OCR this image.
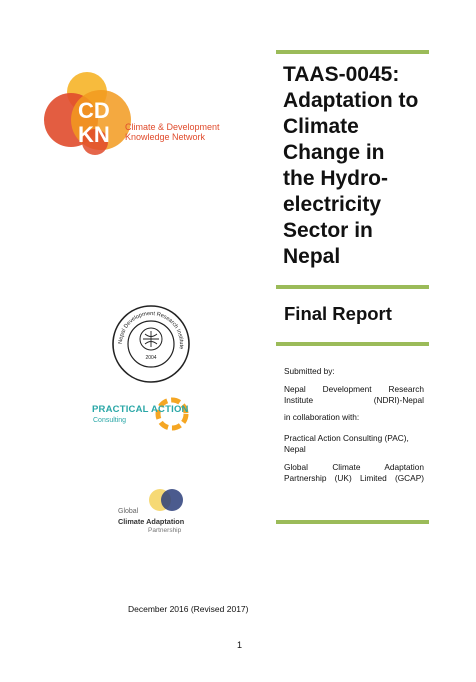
TAAS-0045:
Adaptation to
Climate
Change in
the Hydro-
electricity
Sector in
Nepal
Final Report
Submitted by:
Nepal Development Research Institute (NDRI)-Nepal
in collaboration with:
Practical Action Consulting (PAC), Nepal
Global Climate Adaptation Partnership (UK) Limited (GCAP)
CD
KN Climate & Development
Knowledge Network
Nepal Development Research Institute
2004
PRACTICAL ACTION
Consulting
Global
Climate Adaptation
Partnership
December 2016 (Revised 2017)
1
